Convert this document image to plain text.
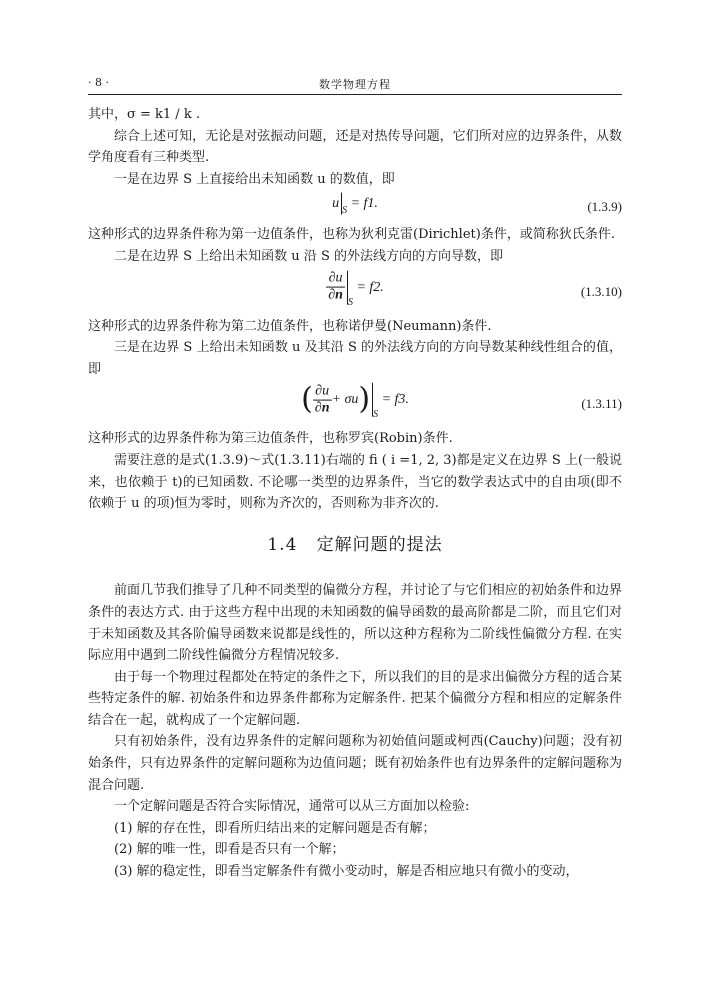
· 8 ·	数学物理方程

其中，σ = k1 / k .

综合上述可知，无论是对弦振动问题，还是对热传导问题，它们所对应的边界条件，从数学角度看有三种类型.

一是在边界 S 上直接给出未知函数 u 的数值，即

u $_S$ = f1.	(1.3.9)

这种形式的边界条件称为第一边值条件，也称为狄利克雷(Dirichlet)条件，或简称狄氏条件.

二是在边界 S 上给出未知函数 u 沿 S 的外法线方向的方向导数，即

$\frac{\partial u}{\partial n} _S = f2$.	(1.3.10)

这种形式的边界条件称为第二边值条件，也称诺伊曼(Neumann)条件.

三是在边界 S 上给出未知函数 u 及其沿 S 的外法线方向的方向导数某种线性组合的值，即

( $\frac{\partial u}{\partial n} + \sigma u$) $_S$ = f3.	(1.3.11)

这种形式的边界条件称为第三边值条件，也称罗宾(Robin)条件.

需要注意的是式(1.3.9)～式(1.3.11)右端的 fi ( i =1, 2, 3)都是定义在边界 S 上(一般说来，也依赖于 t)的已知函数. 不论哪一类型的边界条件，当它的数学表达式中的自由项(即不依赖于 u 的项)恒为零时，则称为齐次的，否则称为非齐次的.

1.4 定解问题的提法

前面几节我们推导了几种不同类型的偏微分方程，并讨论了与它们相应的初始条件和边界条件的表达方式. 由于这些方程中出现的未知函数的偏导函数的最高阶都是二阶，而且它们对于未知函数及其各阶偏导函数来说都是线性的，所以这种方程称为二阶线性偏微分方程. 在实际应用中遇到二阶线性偏微分方程情况较多.

由于每一个物理过程都处在特定的条件之下，所以我们的目的是求出偏微分方程的适合某些特定条件的解. 初始条件和边界条件都称为定解条件. 把某个偏微分方程和相应的定解条件结合在一起，就构成了一个定解问题.

只有初始条件，没有边界条件的定解问题称为初始值问题或柯西(Cauchy)问题；没有初始条件，只有边界条件的定解问题称为边值问题；既有初始条件也有边界条件的定解问题称为混合问题.

一个定解问题是否符合实际情况，通常可以从三方面加以检验:

(1) 解的存在性，即看所归结出来的定解问题是否有解；

(2) 解的唯一性，即看是否只有一个解；

(3) 解的稳定性，即看当定解条件有微小变动时，解是否相应地只有微小的变动，
